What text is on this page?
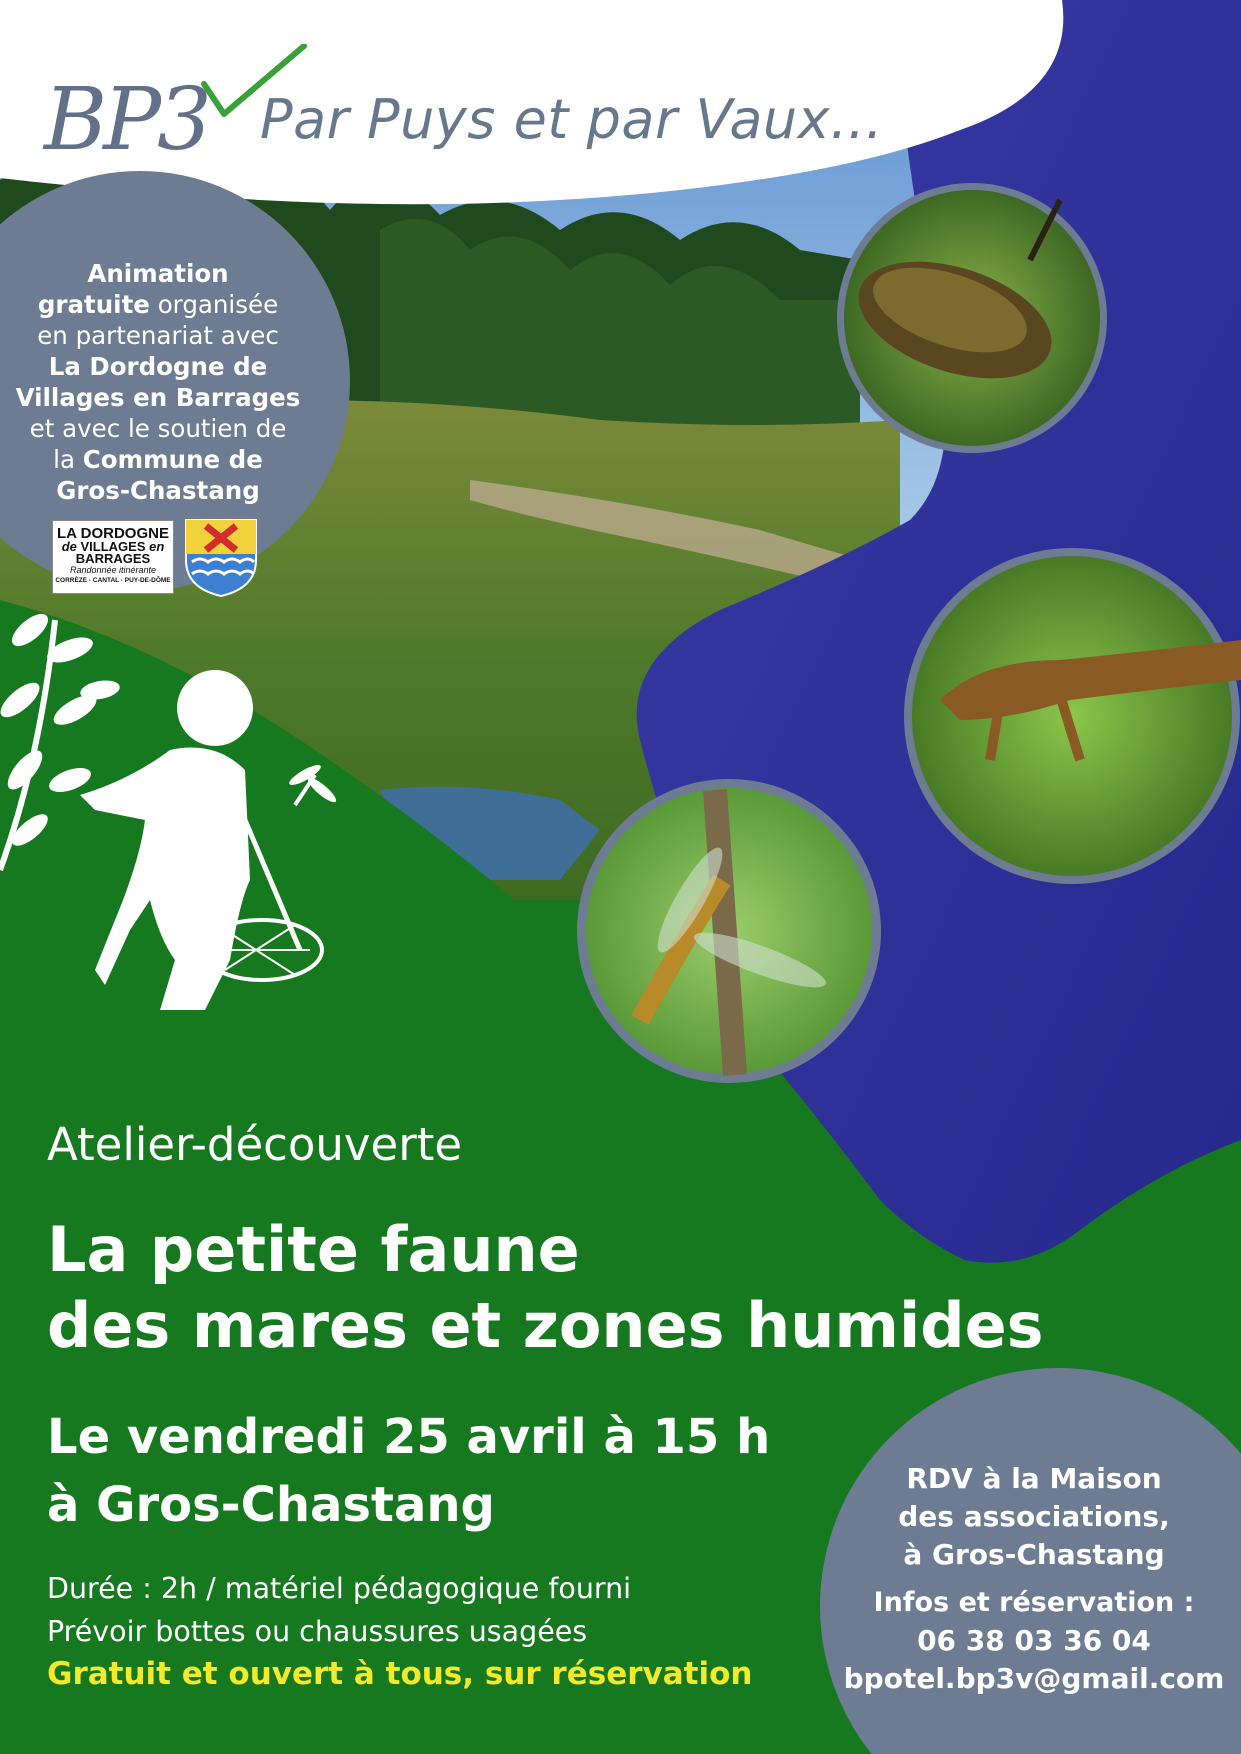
BP3 Par Puys et par Vaux...
Animation
gratuite organisée
en partenariat avec
La Dordogne de
Villages en Barrages
et avec le soutien de
la Commune de
Gros-Chastang
LA DORDOGNE
de VILLAGES en
BARRAGES
Randonnée itinérante
CORRÈZE · CANTAL · PUY-DE-DÔME
Atelier-découverte
La petite faune
des mares et zones humides
Le vendredi 25 avril à 15 h
à Gros-Chastang
Durée : 2h / matériel pédagogique fourni
Prévoir bottes ou chaussures usagées
Gratuit et ouvert à tous, sur réservation
RDV à la Maison
des associations,
à Gros-Chastang
Infos et réservation :
06 38 03 36 04
bpotel.bp3v@gmail.com
